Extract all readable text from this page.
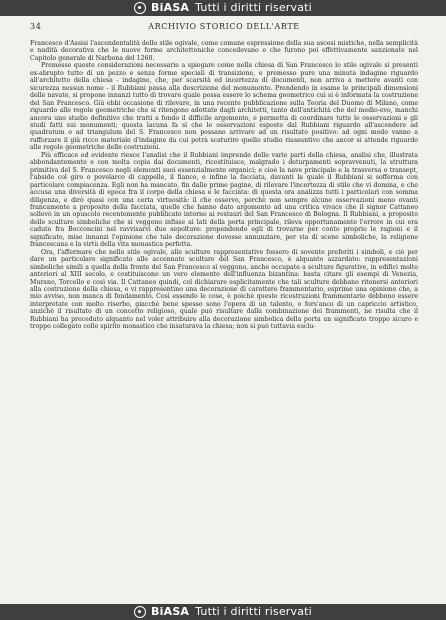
BiASA Tutti i diritti riservati
34	ARCHIVIO STORICO DELL'ARTE

Francesco d'Assisi l'ascendentalità dello stile ogivale, come comune espressione della sua ascesi mistiche, nella semplicità e nudità decorativa che le nuove forme architettoniche concedevano e che furono poi effettivamente sanzionate nel Capitolo generale di Narbona del 1260.

Premesse queste considerazioni necessarie a spiegare come nella chiesa di San Francesco lo stile ogivale si presenti ex-abrupto tutto di un pezzo e senza forme speciali di transizione, e premesso pure una minuta indagine riguardo all'architetto della chiesa - indagine, che, per scarsità ed incertezza di documenti, non arriva a mettere avanti con sicurezza nessun nome - il Rubbiani passa alla descrizione del monumento. Prendendo in esame le principali dimensioni delle navate, si propone innanzi tutto di trovare quale possa essere lo schema geometrico cui si è informata la costruzione del San Francesco. Già ebbi occasione di rilevare, in una recente pubblicazione sulla Teoria del Duomo di Milano, come riguardo alle regole geometriche che si ritengono adottate dagli architetti, tanto dell'antichità che del medio-evo, manchi ancora uno studio definitivo che tratti a fondo il difficile argomento, e permetta di coordinare tutte le osservazioni e gli studi fatti sui monumenti; questa lacuna fa sì che le osservazioni esposte dal Rubbiani riguardo all'ascendere ad quadratum o ad triangulum del S. Francesco non possano arrivare ad un risultato positivo: ad ogni modo vanno a rafforzare il già ricco materiale d'indagine da cui potrà scaturire quello studio riassuntivo che ancor si attende riguardo alle regole geometriche delle costruzioni.

Più efficace ed evidente riesce l'analisi che il Rubbiani imprende delle varie parti della chiesa, analisi che, illustrata abbondantemente e con molta copia dai documenti, ricostituisce, malgrado i deturpamenti sopravvenuti, la struttura primitiva del S. Francesco negli elementi suoi essenzialmente organici; e cioè la nave principale e la trasversa o transept, l'abside col giro o povelarco di cappelle, il fianco, e infine la facciata, davanti la quale il Rubbiani si sofferma con particolare compiacenza. Egli non ha mancato, fin dalle prime pagine, di rilevare l'incertezza di stile che vi domina, e che accusa una diversità di epoca fra il corpo della chiesa e le facciata: di questa ora analizza tutti i particolari con somma diligenza, e dirò quasi con una certa virtuosità: il che osservo, perchè non sempre alcune osservazioni meno ovanti francamente a proposito della facciata, quelle che hanno dato argomento ad una critica vivace che il signor Cattaneo sollevò in un opuscolo recentemente pubblicato intorno ai restauri del San Francesco di Bologna. Il Rubbiani, a proposito delle sculture simboliche che si veggono infisse ai lati della porta principale, rileva opportunamente l'errore in cui era caduto fra Bocconcini nel ravvisarvi due sepolture: propendendo egli di trovarne per conto proprio le ragioni e il significato, mise innanzi l'opinione che tale decorazione dovesse annunziare, per via di scene simboliche, la religione francescana e la virtù della vita monastica perfetta.

Ora, l'affermare che nello stile ogivale, alle sculture rappresentative fossero di sovente preferiti i simboli, e ciò per dare un particolare significato alle accennate sculture del San Francesco, è alquanto azzardato: rappresentazioni simboliche simili a quella della fronte del San Francesco si veggono, anche occupate a sculture figurative, in edifici molto anteriori al XIII secolo, e costituiscono un vero elemento dell'influenza bizantina: basta citare gli esempi di Venezia, Murano, Torcello e così via. Il Cattaneo quindi, col dichiarare esplicitamente che tali sculture debbano ritenersi anteriori alla costruzione della chiesa, e vi rappresentino una decorazione di carattere frammentario, esprime una opinione che, a mio avviso, non manca di fondamento. Così essendo le cose, è poichè queste ricostruzioni frammentarie debbono essere interpretate con molto riserbo, giacchè bene spesso sono l'opera di un talento, o fors'anco di un capriccio artistico, anzichè il risultato di un concetto religioso, quale può risultare dalla combinazione dei frammenti, ne risulta che il Rubbiani ha preceduto alquanto nel voler attribuire alla decorazione simbolica della porta un significato troppo sicuro e troppo collegato collo spirito monastico che insaturava la chiesa; non si può tuttavia esclu-

BiASA Tutti i diritti riservati
